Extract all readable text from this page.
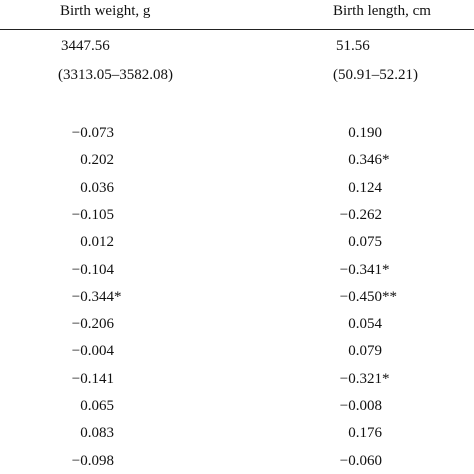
Birth weight, g	Birth length, cm
3447.56	51.56
(3313.05–3582.08)	(50.91–52.21)
−0.073	0.190
0.202	0.346*
0.036	0.124
−0.105	−0.262
0.012	0.075
−0.104	−0.341*
−0.344*	−0.450**
−0.206	0.054
−0.004	0.079
−0.141	−0.321*
0.065	−0.008
0.083	0.176
−0.098	−0.060
